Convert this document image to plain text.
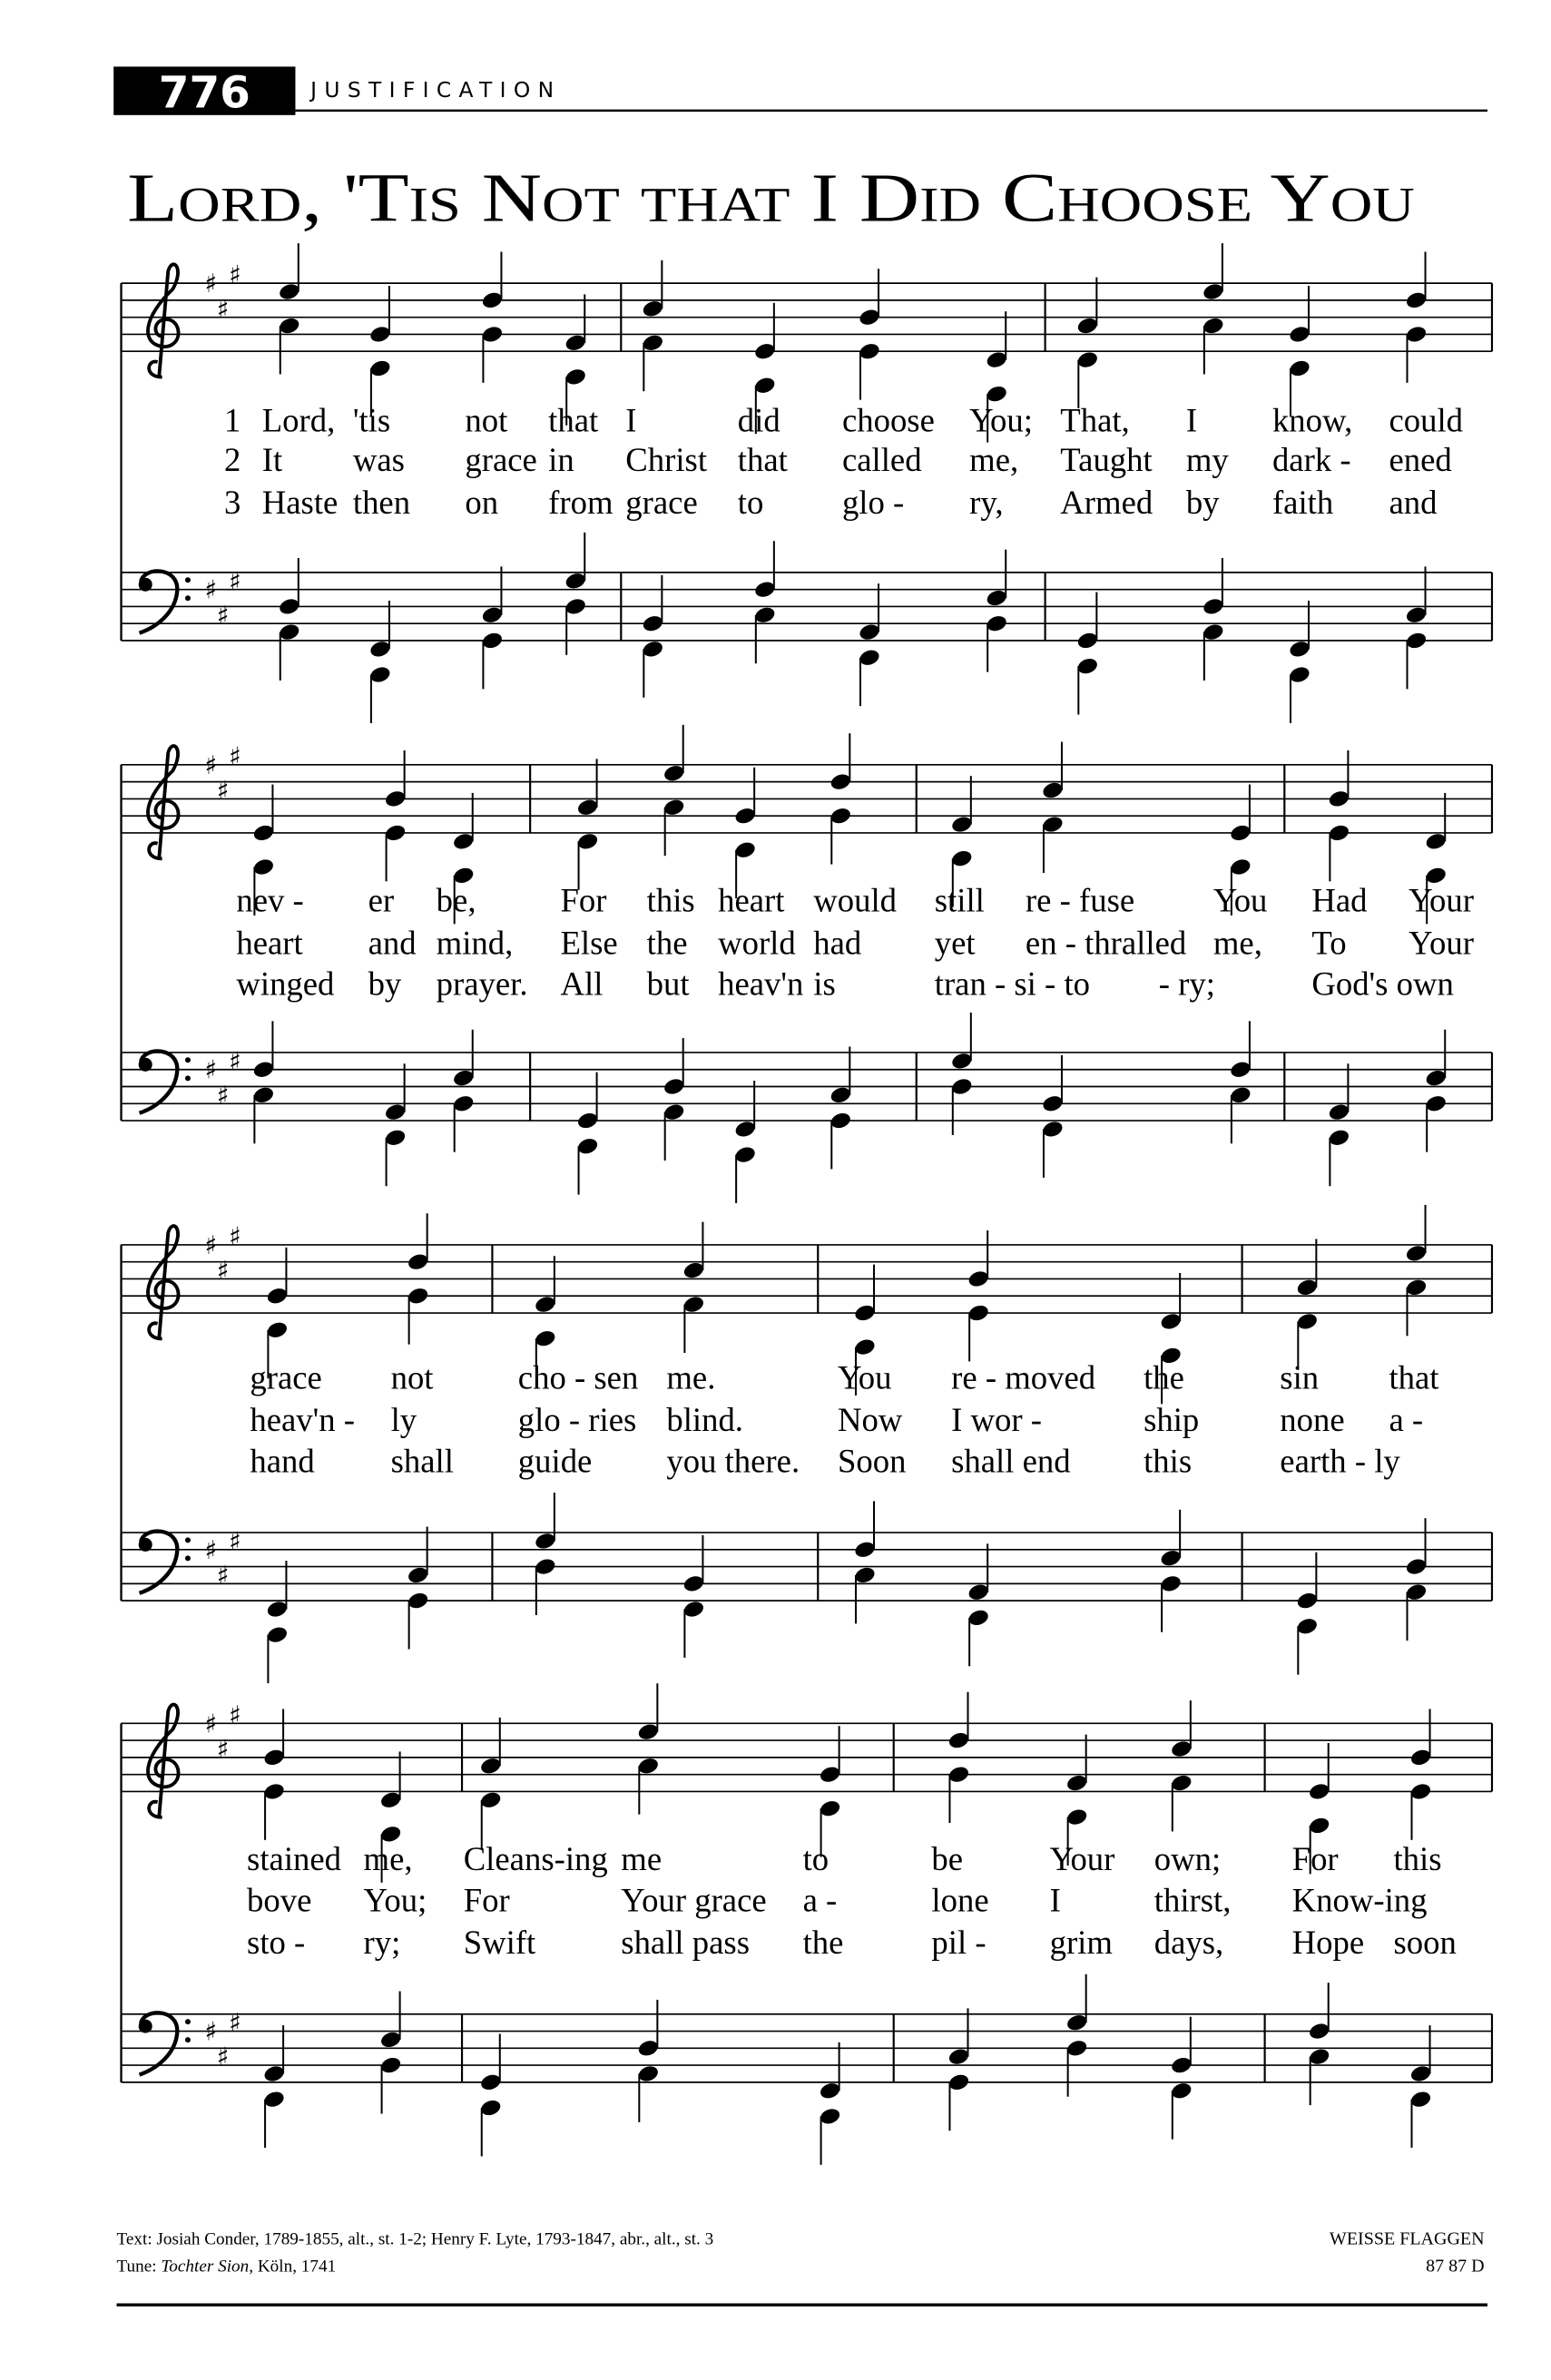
776	JUSTIFICATION
Lord, 'Tis Not that I Did Choose You
♯
♯
♯
♯
♯
♯
1 Lord, 'tis	not that I	did	choose You; That,	I	know, could
2 It	was	grace in	Christ that	called me, Taught my dark - ened
3 Haste then	on	from grace to	glo -	ry,	Armed by	faith	and
♯
♯
♯
♯
♯
♯
nev -	er be,	For this heart would still re - fuse	You Had Your
heart	and mind, Else the world had	yet	en - thralled me, To	Your
winged by prayer. All but heav'n is	tran - si - to	- ry;	God's own
♯
♯
♯
♯
♯
♯
grace	not	cho - sen me.	You	re - moved the	sin	that
heav'n - ly	glo - ries blind.	Now I wor -	ship	none a -
hand	shall	guide	you there. Soon shall end	this	earth - ly
♯
♯
♯
♯
♯
♯
stained me,	Cleans-ing me	to	be	Your own;	For	this
bove	You; For	Your grace a -	lone	I	thirst,	Know-ing
sto -	ry;	Swift	shall pass	the	pil -	grim days,	Hope soon
Text: Josiah Conder, 1789-1855, alt., st. 1-2; Henry F. Lyte, 1793-1847, abr., alt., st. 3
Tune: Tochter Sion, Köln, 1741
WEISSE FLAGGEN
87 87 D
